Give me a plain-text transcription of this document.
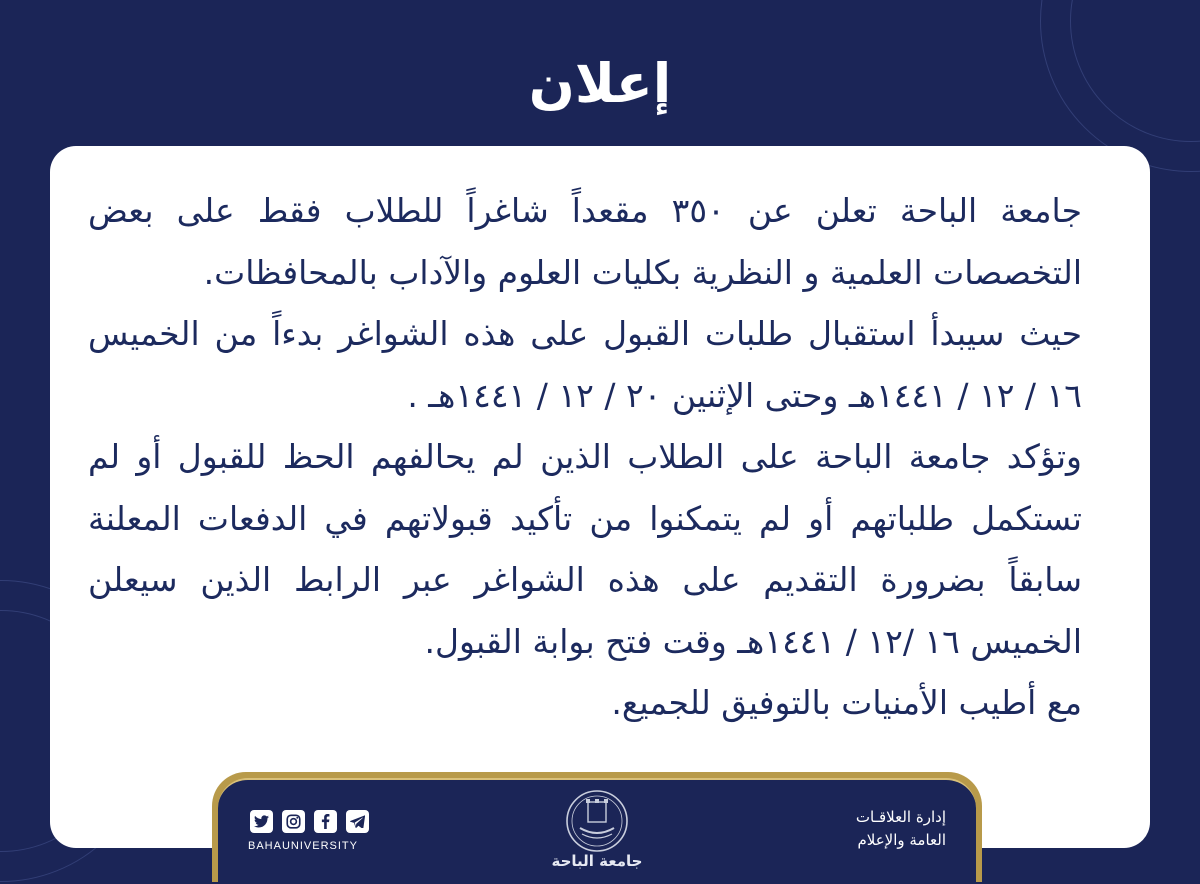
إعلان

جامعة الباحة تعلن عن ٣٥٠ مقعداً شاغراً للطلاب فقط على بعض التخصصات العلمية و النظرية بكليات العلوم والآداب بالمحافظات.

حيث سيبدأ استقبال طلبات القبول على هذه الشواغر بدءاً من الخميس ١٦ / ١٢ / ١٤٤١هـ وحتى الإثنين ٢٠ / ١٢ / ١٤٤١هـ .

وتؤكد جامعة الباحة على الطلاب الذين لم يحالفهم الحظ للقبول أو لم تستكمل طلباتهم أو لم يتمكنوا من تأكيد قبولاتهم في الدفعات المعلنة سابقاً بضرورة التقديم على هذه الشواغر عبر الرابط الذين سيعلن الخميس ١٦ /١٢ / ١٤٤١هـ وقت فتح بوابة القبول.

مع أطيب الأمنيات بالتوفيق للجميع.

BAHAUNIVERSITY
جامعة الباحة
إدارة العلاقـات
العامة والإعلام
